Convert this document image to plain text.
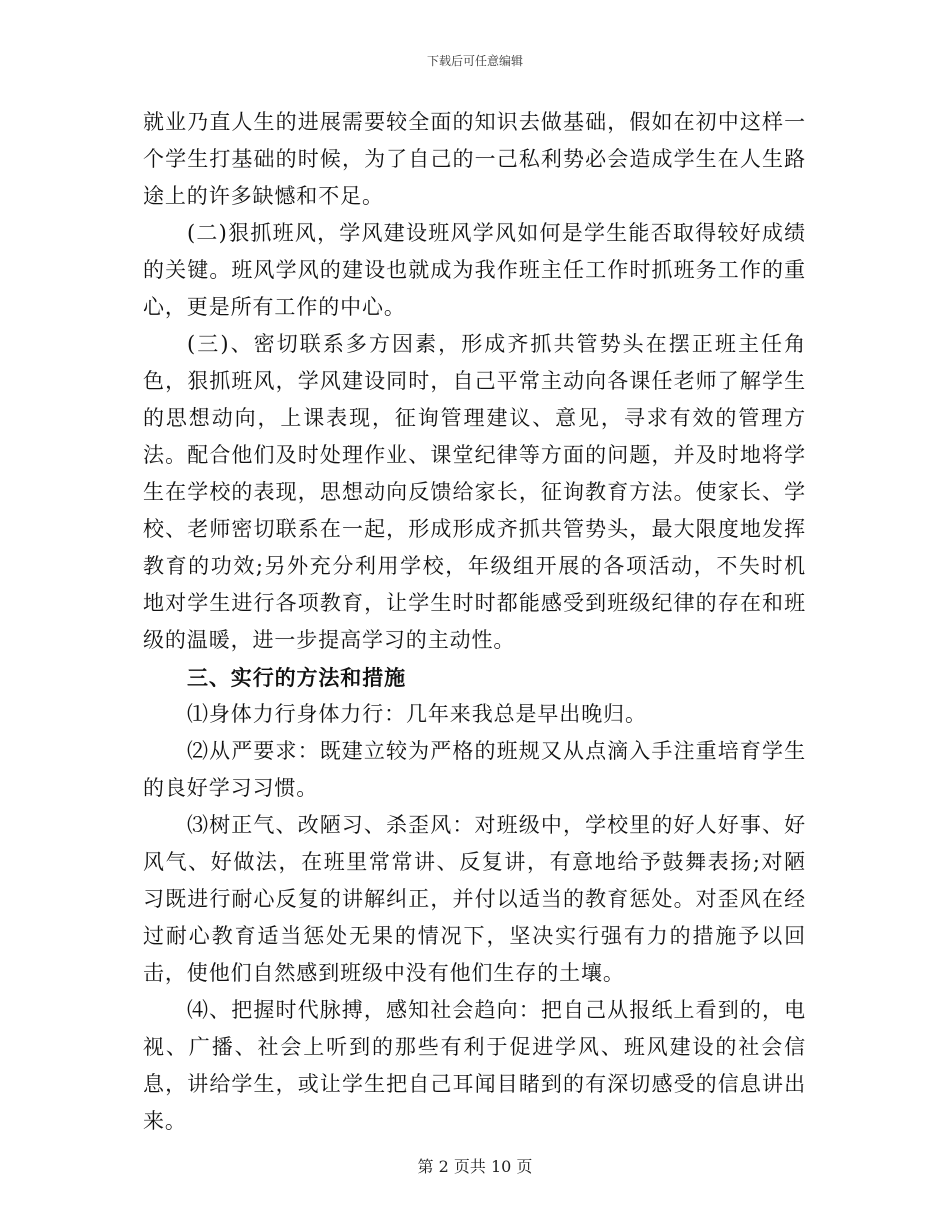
下载后可任意编辑

就业乃直人生的进展需要较全面的知识去做基础，假如在初中这样一个学生打基础的时候，为了自己的一己私利势必会造成学生在人生路途上的许多缺憾和不足。

(二)狠抓班风，学风建设班风学风如何是学生能否取得较好成绩的关键。班风学风的建设也就成为我作班主任工作时抓班务工作的重心，更是所有工作的中心。

(三)、密切联系多方因素，形成齐抓共管势头在摆正班主任角色，狠抓班风，学风建设同时，自己平常主动向各课任老师了解学生的思想动向，上课表现，征询管理建议、意见，寻求有效的管理方法。配合他们及时处理作业、课堂纪律等方面的问题，并及时地将学生在学校的表现，思想动向反馈给家长，征询教育方法。使家长、学校、老师密切联系在一起，形成形成齐抓共管势头，最大限度地发挥教育的功效;另外充分利用学校，年级组开展的各项活动，不失时机地对学生进行各项教育，让学生时时都能感受到班级纪律的存在和班级的温暖，进一步提高学习的主动性。

三、实行的方法和措施

⑴身体力行身体力行：几年来我总是早出晚归。

⑵从严要求：既建立较为严格的班规又从点滴入手注重培育学生的良好学习习惯。

⑶树正气、改陋习、杀歪风：对班级中，学校里的好人好事、好风气、好做法，在班里常常讲、反复讲，有意地给予鼓舞表扬;对陋习既进行耐心反复的讲解纠正，并付以适当的教育惩处。对歪风在经过耐心教育适当惩处无果的情况下，坚决实行强有力的措施予以回击，使他们自然感到班级中没有他们生存的土壤。

⑷、把握时代脉搏，感知社会趋向：把自己从报纸上看到的，电视、广播、社会上听到的那些有利于促进学风、班风建设的社会信息，讲给学生，或让学生把自己耳闻目睹到的有深切感受的信息讲出来。

第 2 页共 10 页
